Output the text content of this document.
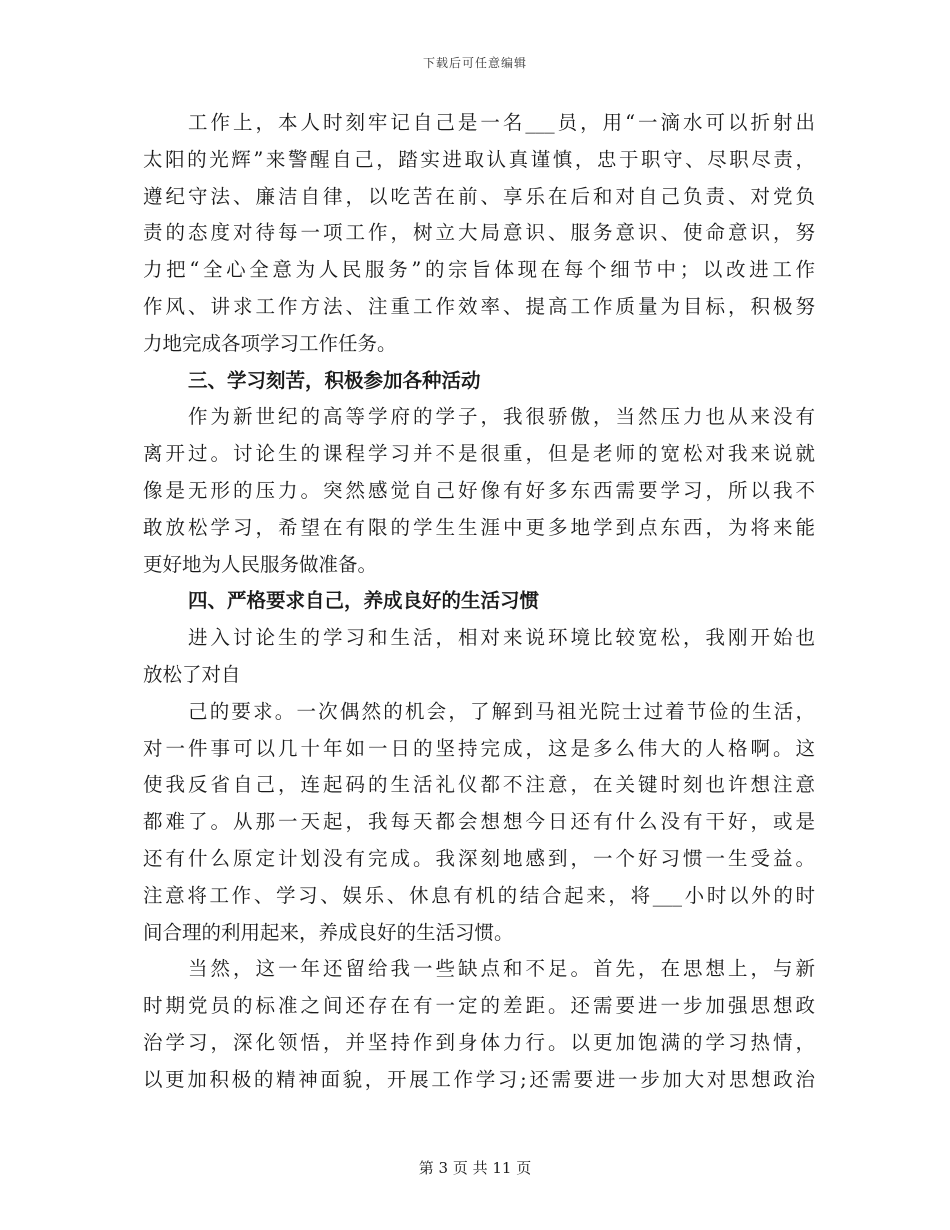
下载后可任意编辑
工作上，本人时刻牢记自己是一名___员，用“一滴水可以折射出
太阳的光辉”来警醒自己，踏实进取认真谨慎，忠于职守、尽职尽责，
遵纪守法、廉洁自律，以吃苦在前、享乐在后和对自己负责、对党负
责的态度对待每一项工作，树立大局意识、服务意识、使命意识，努
力把“全心全意为人民服务”的宗旨体现在每个细节中；以改进工作
作风、讲求工作方法、注重工作效率、提高工作质量为目标，积极努
力地完成各项学习工作任务。
三、学习刻苦，积极参加各种活动
作为新世纪的高等学府的学子，我很骄傲，当然压力也从来没有
离开过。讨论生的课程学习并不是很重，但是老师的宽松对我来说就
像是无形的压力。突然感觉自己好像有好多东西需要学习，所以我不
敢放松学习，希望在有限的学生生涯中更多地学到点东西，为将来能
更好地为人民服务做准备。
四、严格要求自己，养成良好的生活习惯
进入讨论生的学习和生活，相对来说环境比较宽松，我刚开始也
放松了对自
己的要求。一次偶然的机会，了解到马祖光院士过着节俭的生活，
对一件事可以几十年如一日的坚持完成，这是多么伟大的人格啊。这
使我反省自己，连起码的生活礼仪都不注意，在关键时刻也许想注意
都难了。从那一天起，我每天都会想想今日还有什么没有干好，或是
还有什么原定计划没有完成。我深刻地感到，一个好习惯一生受益。
注意将工作、学习、娱乐、休息有机的结合起来，将___小时以外的时
间合理的利用起来，养成良好的生活习惯。
当然，这一年还留给我一些缺点和不足。首先，在思想上，与新
时期党员的标准之间还存在有一定的差距。还需要进一步加强思想政
治学习，深化领悟，并坚持作到身体力行。以更加饱满的学习热情，
以更加积极的精神面貌，开展工作学习;还需要进一步加大对思想政治
第 3 页 共 11 页
